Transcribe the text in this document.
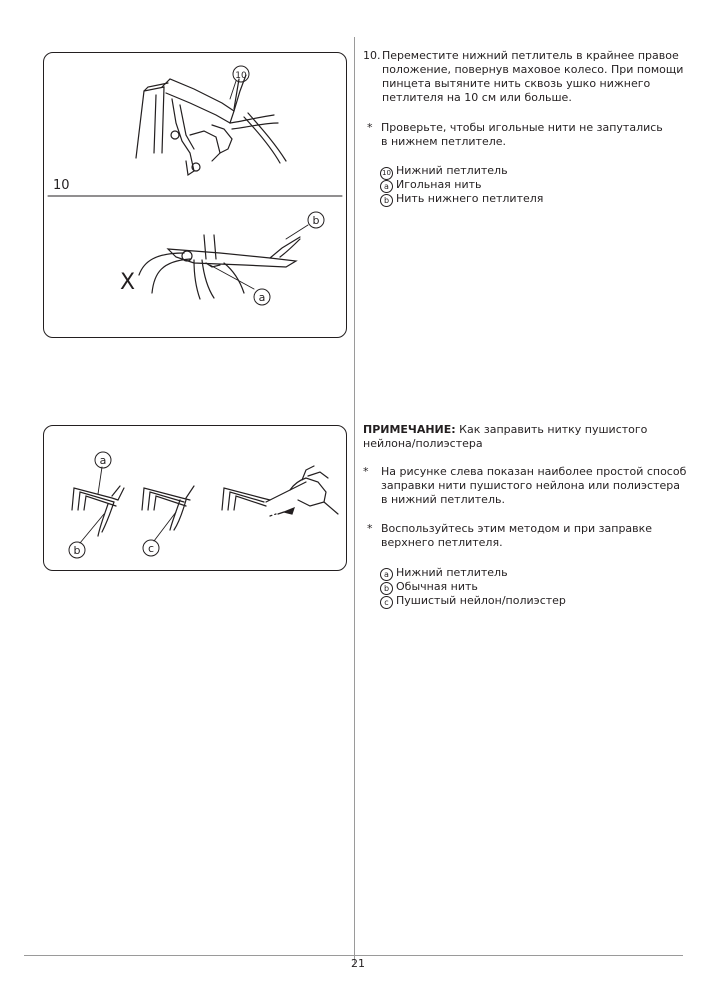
21
10
10
X
b
a
a
b	c
10. Переместите нижний петлитель в крайнее правое
положение, повернув маховое колесо. При помощи
пинцета вытяните нить сквозь ушко нижнего
петлителя на 10 см или больше.
* Проверьте, чтобы игольные нити не запутались
в нижнем петлителе.
10 Нижний петлитель
a Игольная нить
b Нить нижнего петлителя
ПРИМЕЧАНИЕ: Как заправить нитку пушистого
нейлона/полиэстера
* На рисунке слева показан наиболее простой способ
заправки нити пушистого нейлона или полиэстера
в нижний петлитель.
* Воспользуйтесь этим методом и при заправке
верхнего петлителя.
a Нижний петлитель
b Обычная нить
c Пушистый нейлон/полиэстер
